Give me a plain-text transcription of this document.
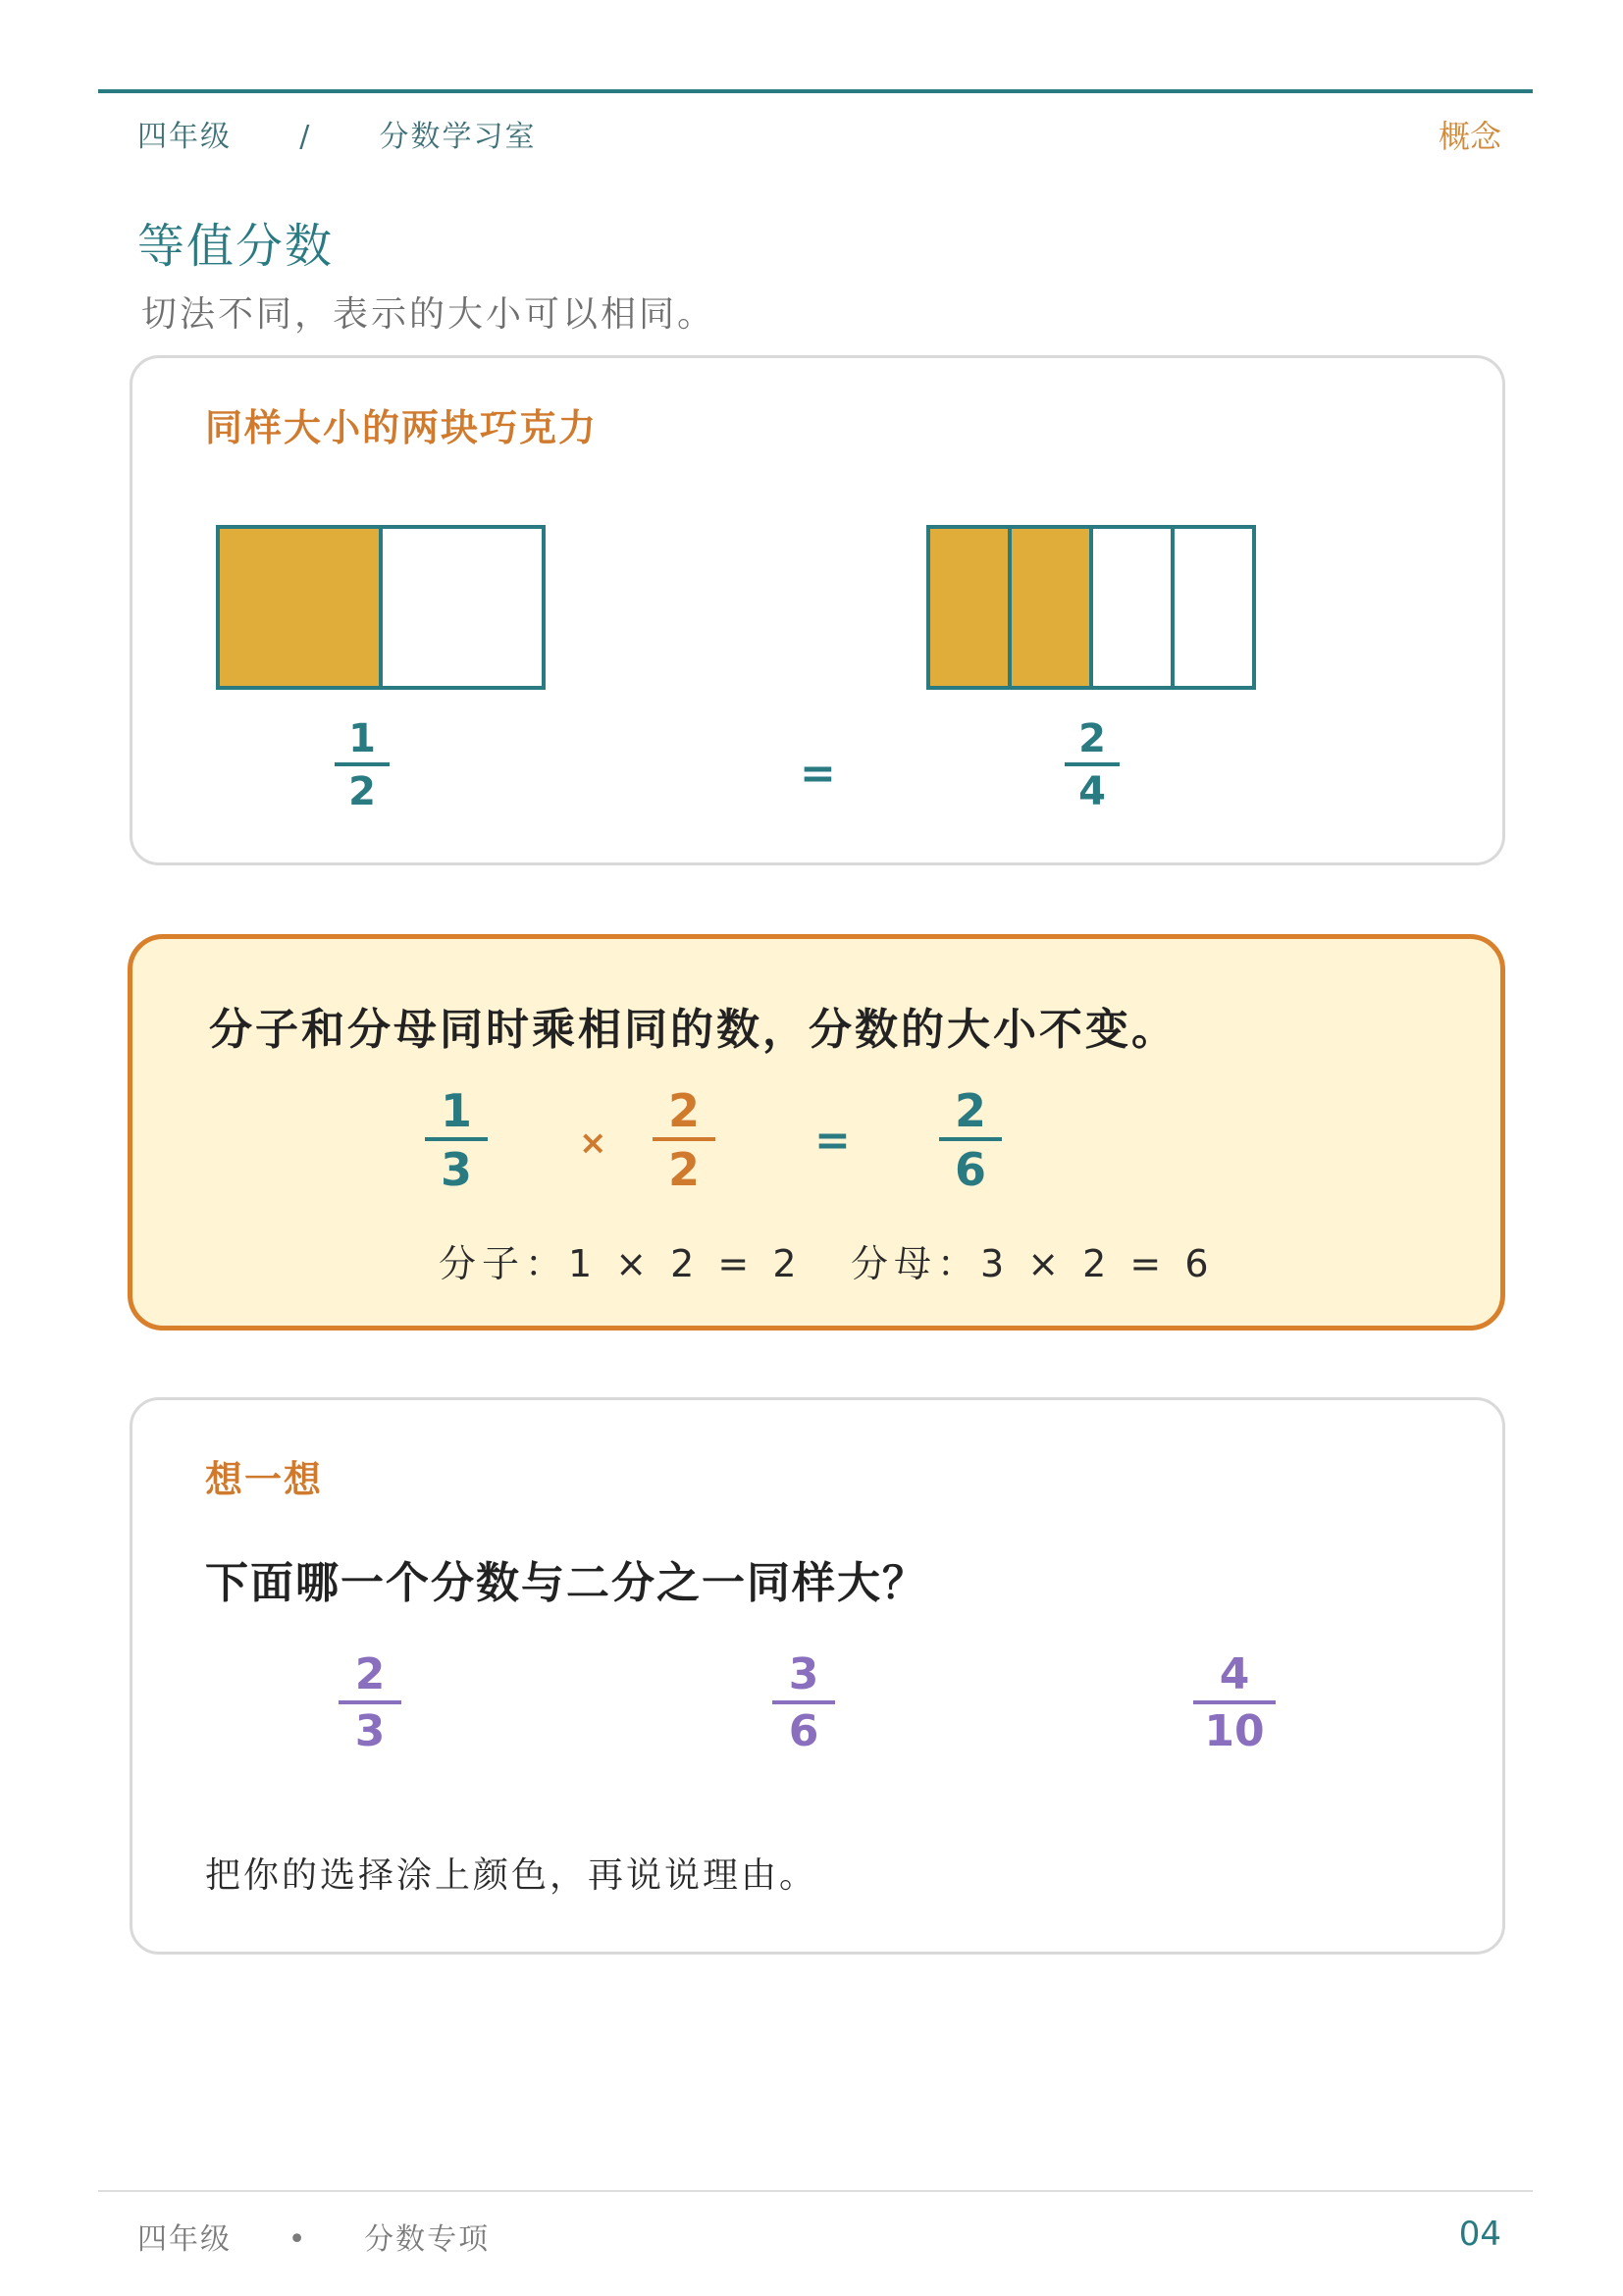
四年级 / 分数学习室	概念
等值分数
切法不同，表示的大小可以相同。
同样大小的两块巧克力
1
2	=
2
4
分子和分母同时乘相同的数，分数的大小不变。
1
3	×
2
2
=
2
6
分子：1 × 2 = 2 分母：3 × 2 = 6
想一想
下面哪一个分数与二分之一同样大？
2
3
3
6
4
10
把你的选择涂上颜色，再说说理由。
四年级 • 分数专项	04
